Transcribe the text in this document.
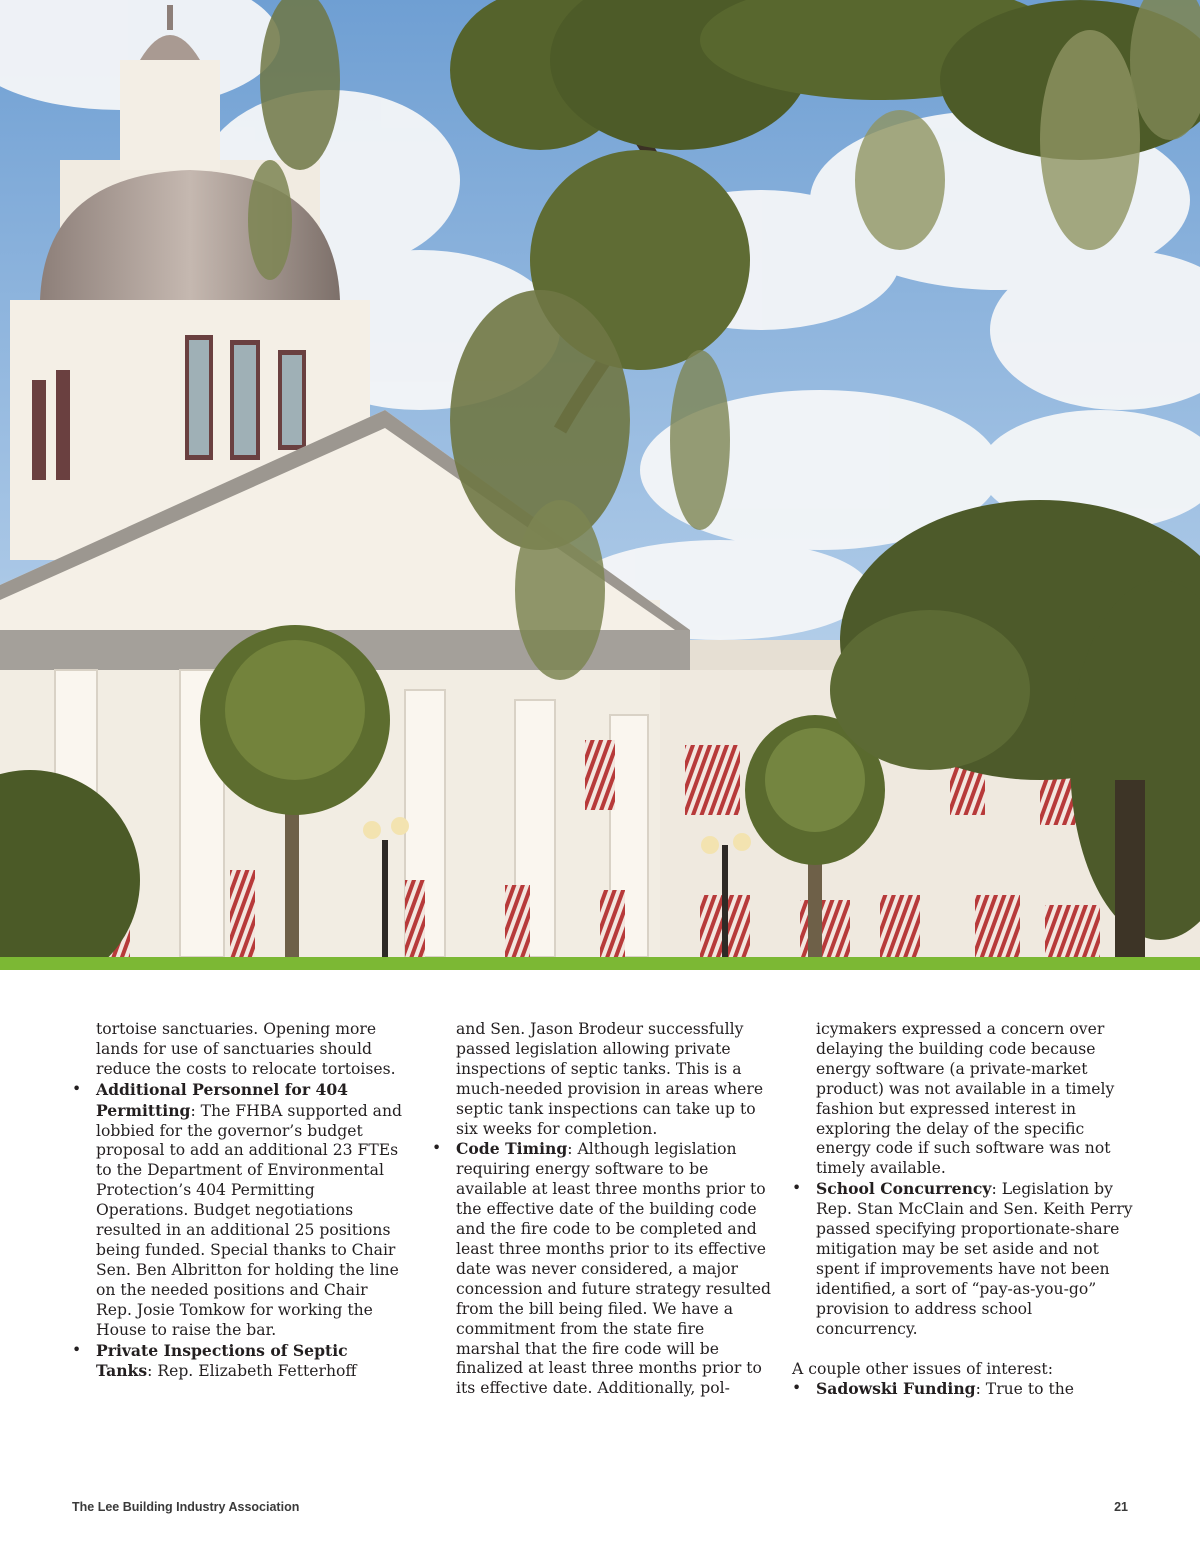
tortoise sanctuaries. Opening more lands for use of sanctuaries should reduce the costs to relocate tortoises.

• Additional Personnel for 404 Permitting: The FHBA supported and lobbied for the governor’s budget proposal to add an additional 23 FTEs to the Department of Environmental Protection’s 404 Permitting Operations. Budget negotiations resulted in an additional 25 positions being funded. Special thanks to Chair Sen. Ben Albritton for holding the line on the needed positions and Chair Rep. Josie Tomkow for working the House to raise the bar.
• Private Inspections of Septic Tanks: Rep. Elizabeth Fetterhoff

and Sen. Jason Brodeur successfully passed legislation allowing private inspections of septic tanks. This is a much-needed provision in areas where septic tank inspections can take up to six weeks for completion.

• Code Timing: Although legislation requiring energy software to be available at least three months prior to the effective date of the building code and the fire code to be completed and least three months prior to its effective date was never considered, a major concession and future strategy resulted from the bill being filed. We have a commitment from the state fire marshal that the fire code will be finalized at least three months prior to its effective date. Additionally, pol-

icymakers expressed a concern over delaying the building code because energy software (a private-market product) was not available in a timely fashion but expressed interest in exploring the delay of the specific energy code if such software was not timely available.

• School Concurrency: Legislation by Rep. Stan McClain and Sen. Keith Perry passed specifying proportionate-share mitigation may be set aside and not spent if improvements have not been identified, a sort of “pay-as-you-go” provision to address school concurrency.

A couple other issues of interest:

• Sadowski Funding: True to the
The Lee Building Industry Association	21
